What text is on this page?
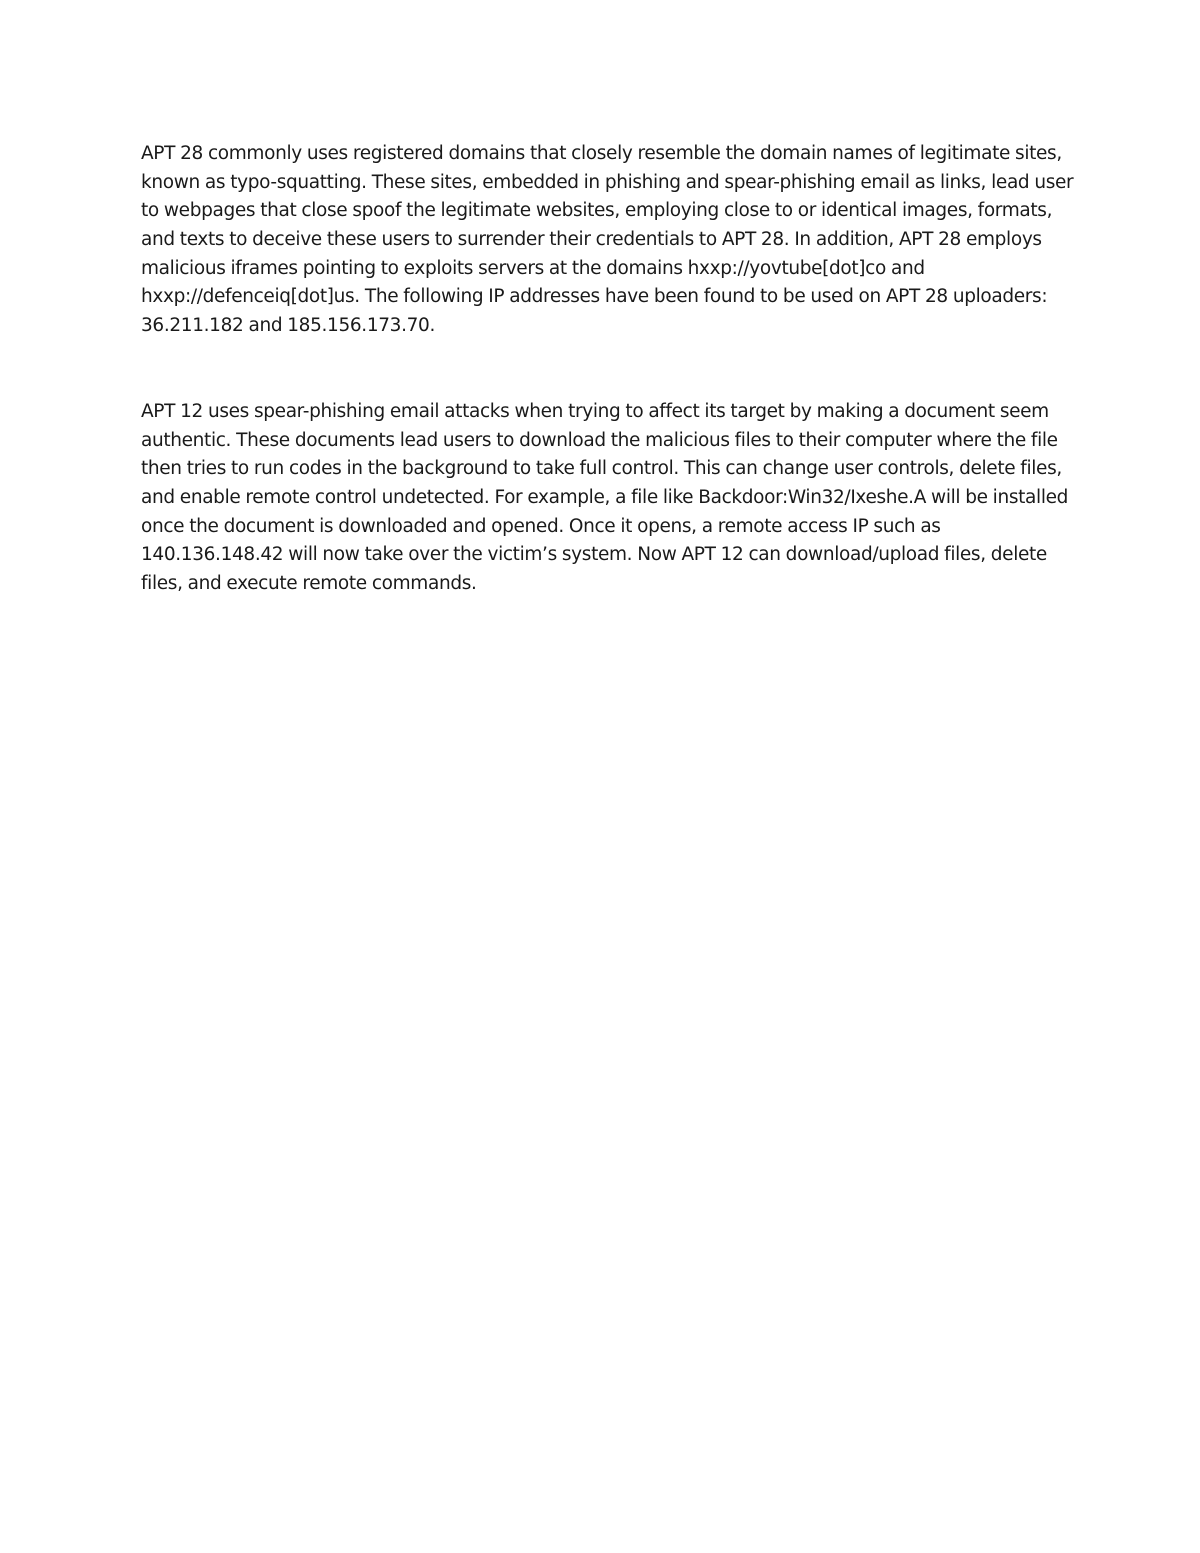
APT 28 commonly uses registered domains that closely resemble the domain names of legitimate sites,
known as typo-squatting. These sites, embedded in phishing and spear-phishing email as links, lead user
to webpages that close spoof the legitimate websites, employing close to or identical images, formats,
and texts to deceive these users to surrender their credentials to APT 28. In addition, APT 28 employs
malicious iframes pointing to exploits servers at the domains hxxp://yovtube[dot]co and
hxxp://defenceiq[dot]us. The following IP addresses have been found to be used on APT 28 uploaders:
36.211.182 and 185.156.173.70.

APT 12 uses spear-phishing email attacks when trying to affect its target by making a document seem
authentic. These documents lead users to download the malicious files to their computer where the file
then tries to run codes in the background to take full control. This can change user controls, delete files,
and enable remote control undetected. For example, a file like Backdoor:Win32/Ixeshe.A will be installed
once the document is downloaded and opened. Once it opens, a remote access IP such as
140.136.148.42 will now take over the victim’s system. Now APT 12 can download/upload files, delete
files, and execute remote commands.
